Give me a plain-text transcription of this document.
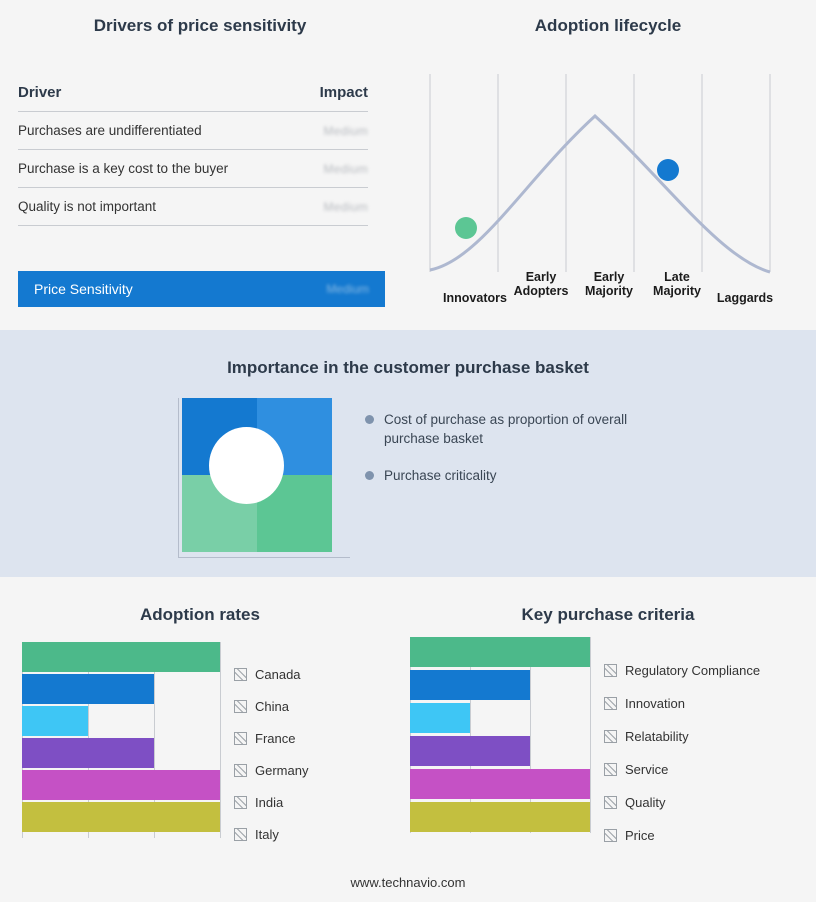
Drivers of price sensitivity
Driver	Impact
Purchases are undifferentiated	Medium
Purchase is a key cost to the buyer	Medium
Quality is not important	Medium
Price Sensitivity	Medium
Adoption lifecycle
Innovators
Early Adopters
Early Majority
Late Majority	Laggards
Importance in the customer purchase basket
Cost of purchase as proportion of overall purchase basket
Purchase criticality
Adoption rates
Canada
China
France
Germany
India
Italy
Key purchase criteria
Regulatory Compliance
Innovation
Relatability
Service
Quality
Price
www.technavio.com
